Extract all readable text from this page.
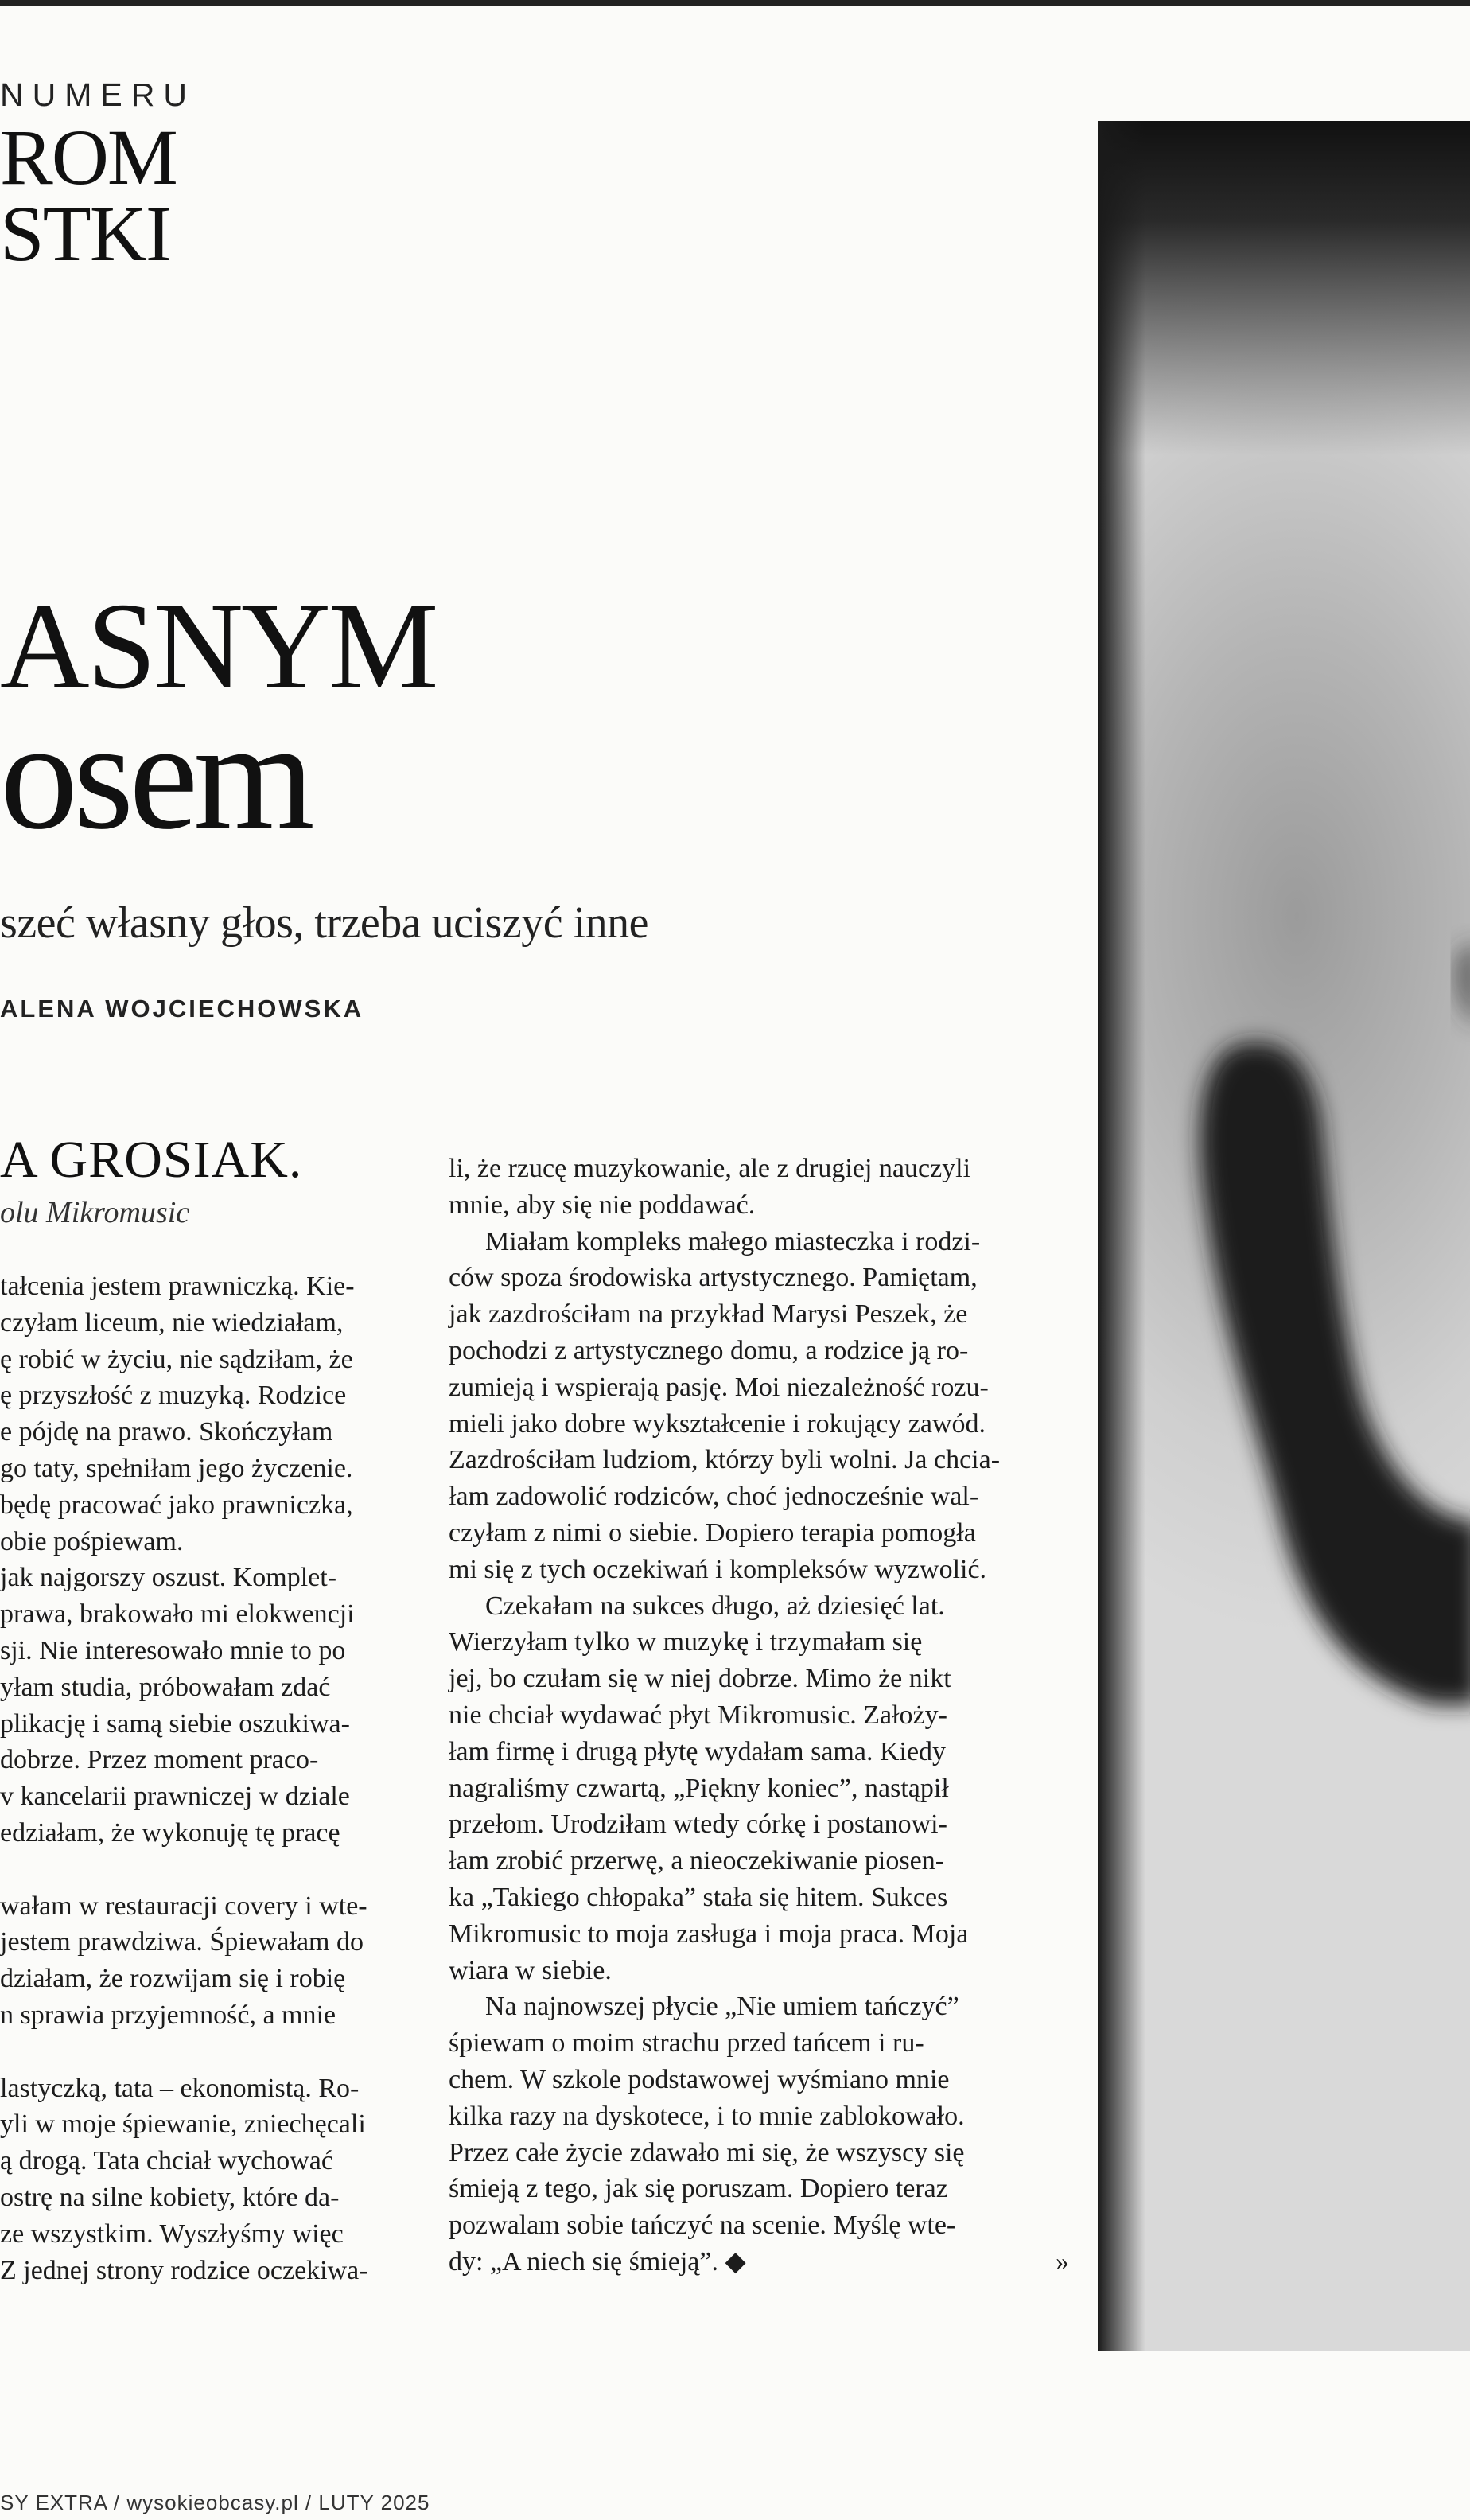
NUMERU
ROM
STKI
ASNYM
osem
szeć własny głos, trzeba uciszyć inne
ALENA WOJCIECHOWSKA
A GROSIAK.
olu Mikromusic
tałcenia jestem prawniczką. Kie-
czyłam liceum, nie wiedziałam,
ę robić w życiu, nie sądziłam, że
ę przyszłość z muzyką. Rodzice
e pójdę na prawo. Skończyłam
go taty, spełniłam jego życzenie.
będę pracować jako prawniczka,
obie pośpiewam.
jak najgorszy oszust. Komplet-
prawa, brakowało mi elokwencji
sji. Nie interesowało mnie to po
yłam studia, próbowałam zdać
plikację i samą siebie oszukiwa-
dobrze. Przez moment praco-
v kancelarii prawniczej w dziale
edziałam, że wykonuję tę pracę
wałam w restauracji covery i wte-
jestem prawdziwa. Śpiewałam do
działam, że rozwijam się i robię
n sprawia przyjemność, a mnie
lastyczką, tata – ekonomistą. Ro-
yli w moje śpiewanie, zniechęcali
ą drogą. Tata chciał wychować
ostrę na silne kobiety, które da-
ze wszystkim. Wyszłyśmy więc
Z jednej strony rodzice oczekiwa-
li, że rzucę muzykowanie, ale z drugiej nauczyli
mnie, aby się nie poddawać.
Miałam kompleks małego miasteczka i rodzi-
ców spoza środowiska artystycznego. Pamiętam,
jak zazdrościłam na przykład Marysi Peszek, że
pochodzi z artystycznego domu, a rodzice ją ro-
zumieją i wspierają pasję. Moi niezależność rozu-
mieli jako dobre wykształcenie i rokujący zawód.
Zazdrościłam ludziom, którzy byli wolni. Ja chcia-
łam zadowolić rodziców, choć jednocześnie wal-
czyłam z nimi o siebie. Dopiero terapia pomogła
mi się z tych oczekiwań i kompleksów wyzwolić.
Czekałam na sukces długo, aż dziesięć lat.
Wierzyłam tylko w muzykę i trzymałam się
jej, bo czułam się w niej dobrze. Mimo że nikt
nie chciał wydawać płyt Mikromusic. Założy-
łam firmę i drugą płytę wydałam sama. Kiedy
nagraliśmy czwartą, „Piękny koniec”, nastąpił
przełom. Urodziłam wtedy córkę i postanowi-
łam zrobić przerwę, a nieoczekiwanie piosen-
ka „Takiego chłopaka” stała się hitem. Sukces
Mikromusic to moja zasługa i moja praca. Moja
wiara w siebie.
Na najnowszej płycie „Nie umiem tańczyć”
śpiewam o moim strachu przed tańcem i ru-
chem. W szkole podstawowej wyśmiano mnie
kilka razy na dyskotece, i to mnie zablokowało.
Przez całe życie zdawało mi się, że wszyscy się
śmieją z tego, jak się poruszam. Dopiero teraz
pozwalam sobie tańczyć na scenie. Myślę wte-
dy: „A niech się śmieją”. ◆	»
SY EXTRA / wysokieobcasy.pl / LUTY 2025
